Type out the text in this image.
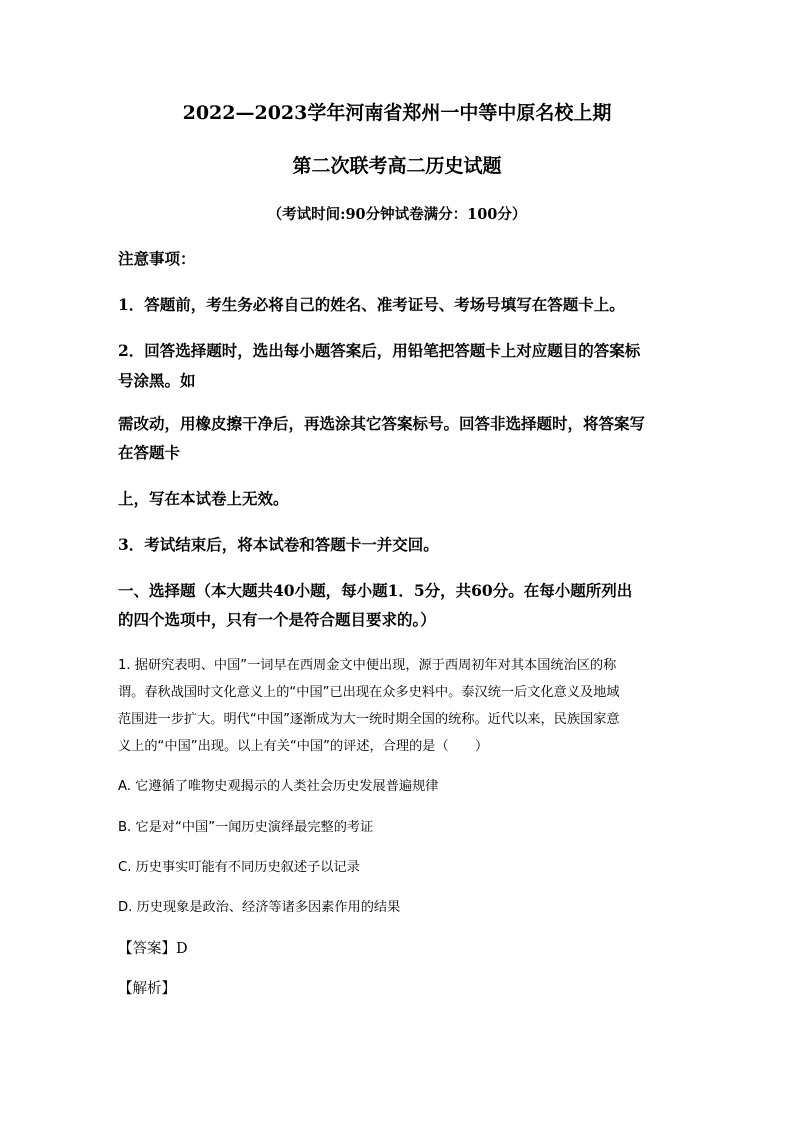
2022—2023学年河南省郑州一中等中原名校上期
第二次联考高二历史试题
（考试时间:90分钟试卷满分：100分）
注意事项：
1．答题前，考生务必将自己的姓名、准考证号、考场号填写在答题卡上。
2．回答选择题时，选出每小题答案后，用铅笔把答题卡上对应题目的答案标
号涂黑。如
需改动，用橡皮擦干净后，再选涂其它答案标号。回答非选择题时，将答案写
在答题卡
上，写在本试卷上无效。
3．考试结束后，将本试卷和答题卡一并交回。
一、选择题（本大题共40小题，每小题1．5分，共60分。在每小题所列出
的四个选项中，只有一个是符合题目要求的。）
1. 据研究表明、中国”一词早在西周金文中便出现，源于西周初年对其本国统治区的称
谓。春秋战国时文化意义上的“中国”已出现在众多史料中。泰汉统一后文化意义及地域
范围进一步扩大。明代“中国”逐渐成为大一统时期全国的统称。近代以来，民族国家意
义上的“中国”出现。以上有关“中国”的评述，合理的是（　　）
A. 它遵循了唯物史观揭示的人类社会历史发展普遍规律
B. 它是对“中国”一闻历史演绎最完整的考证
C. 历史事实叮能有不同历史叙述子以记录
D. 历史现象是政治、经济等诸多因素作用的结果
【答案】D
【解析】
